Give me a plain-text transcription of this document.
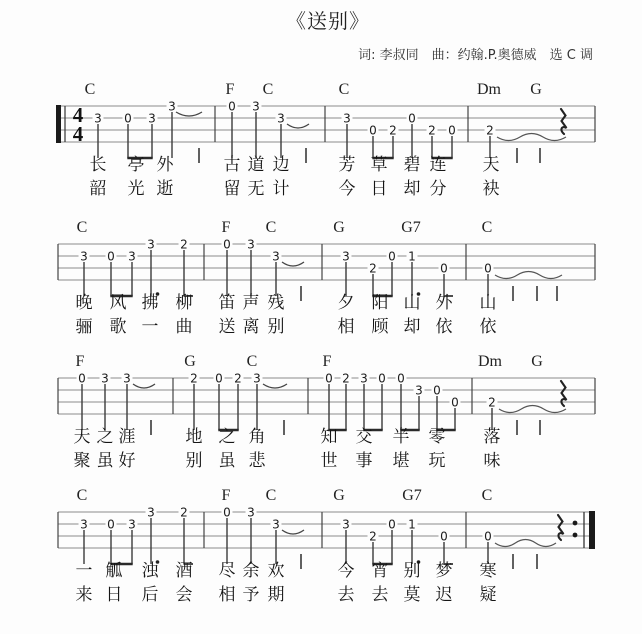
《送别》
词: 李叔同　曲：约翰.P.奥德威　选 C 调
4
4
C	F C	C	Dm G
3 0 3
3	0 3
3	3
0 2
0
2 0	2
长 亭 外	古 道 边	芳 草 碧 连 天
韶 光 逝	留 无 计	今 日 却 分 袂
C	F C	G	G7	C
3 0 3
3 2	0 3
3	3
2
0 1
0	0
晚 风 拂 柳 笛 声 残	夕 阳 山 外 山
骊 歌 一 曲 送 离 别	相 顾 却 依 依
F	G	C	F	Dm G
0 3 3	2 0 2 3	0 2 3 0 0
3 0
0 2
天 之 涯	地 之 角	知 交 半 零 落
聚 虽 好	别 虽 悲	世 事 堪 玩 味
C	F C	G	G7	C
3 0 3
3 2	0 3
3	3
2
0 1
0	0
一 觚 浊 酒 尽 余 欢	今 宵 别 梦 寒
来 日 后 会 相 予 期	去 去 莫 迟 疑
